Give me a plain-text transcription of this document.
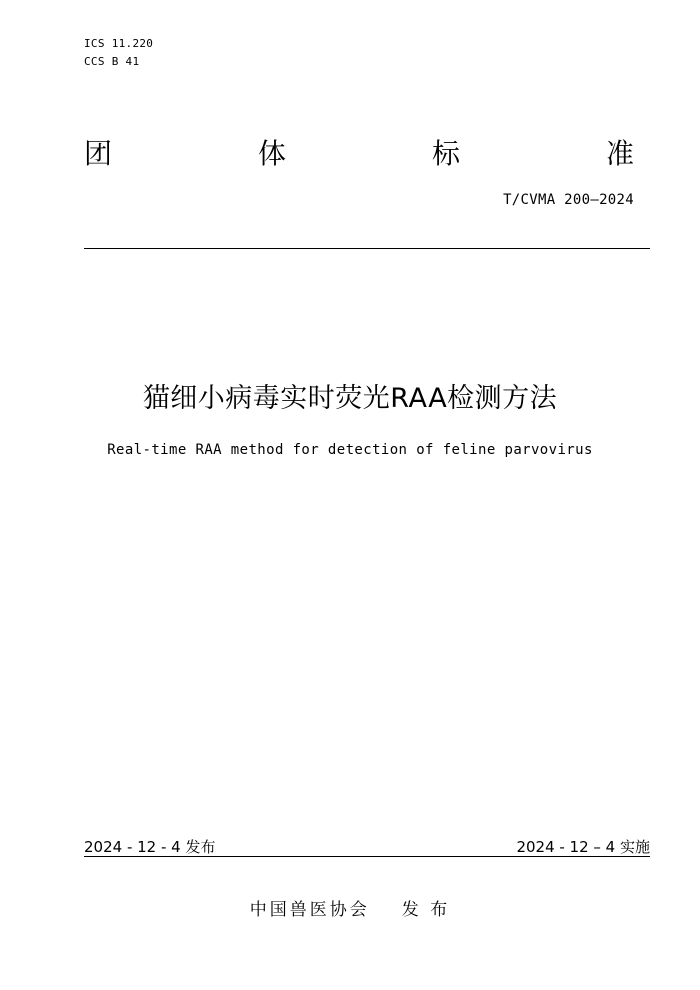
ICS 11.220
CCS B 41
团	体	标	准
T/CVMA 200—2024
猫细小病毒实时荧光RAA检测方法
Real-time RAA method for detection of feline parvovirus
2024 - 12 - 4 发布	2024 - 12 – 4 实施
中国兽医协会 发 布
